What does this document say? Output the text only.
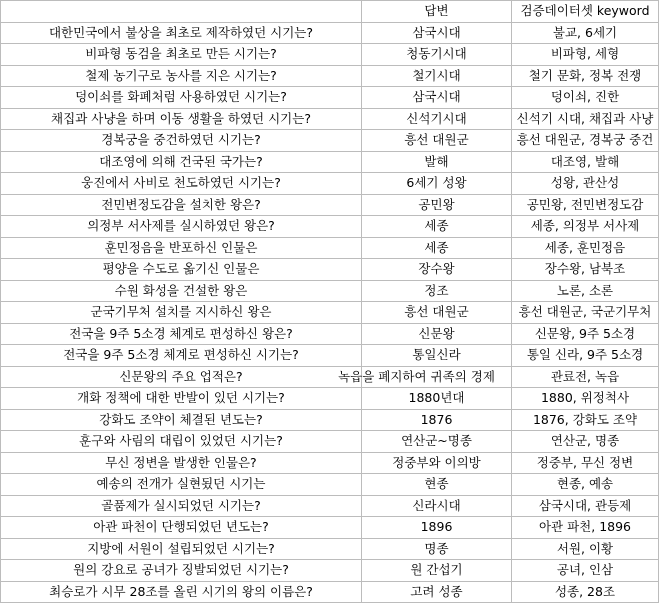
	답변	검증데이터셋 keyword
대한민국에서 불상을 최초로 제작하였던 시기는?	삼국시대	불교, 6세기
비파형 동검을 최초로 만든 시기는?	청동기시대	비파형, 세형
철제 농기구로 농사를 지은 시기는?	철기시대	철기 문화, 정복 전쟁
덩이쇠를 화폐처럼 사용하였던 시기는?	삼국시대	덩이쇠, 진한
채집과 사냥을 하며 이동 생활을 하였던 시기는?	신석기시대	신석기 시대, 채집과 사냥
경복궁을 중건하였던 시기는?	흥선 대원군	흥선 대원군, 경복궁 중건
대조영에 의해 건국된 국가는?	발해	대조영, 발해
웅진에서 사비로 천도하였던 시기는?	6세기 성왕	성왕, 관산성
전민변정도감을 설치한 왕은?	공민왕	공민왕, 전민변정도감
의정부 서사제를 실시하였던 왕은?	세종	세종, 의정부 서사제
훈민정음을 반포하신 인물은	세종	세종, 훈민정음
평양을 수도로 옮기신 인물은	장수왕	장수왕, 남북조
수원 화성을 건설한 왕은	정조	노론, 소론
군국기무처 설치를 지시하신 왕은	흥선 대원군	흥선 대원군, 국군기무처
전국을 9주 5소경 체계로 편성하신 왕은?	신문왕	신문왕, 9주 5소경
전국을 9주 5소경 체계로 편성하신 시기는?	통일신라	통일 신라, 9주 5소경
신문왕의 주요 업적은?	녹읍을 폐지하여 귀족의 경제	관료전, 녹읍
개화 정책에 대한 반발이 있던 시기는?	1880년대	1880, 위정척사
강화도 조약이 체결된 년도는?	1876	1876, 강화도 조약
훈구와 사림의 대립이 있었던 시기는?	연산군~명종	연산군, 명종
무신 정변을 발생한 인물은?	정중부와 이의방	정중부, 무신 정변
예송의 전개가 실현됬던 시기는	현종	현종, 예송
골품제가 실시되었던 시기는?	신라시대	삼국시대, 관등제
아관 파천이 단행되었던 년도는?	1896	아관 파천, 1896
지방에 서원이 설립되었던 시기는?	명종	서원, 이황
원의 강요로 공녀가 징발되었던 시기는?	원 간섭기	공녀, 인삼
최승로가 시무 28조를 올린 시기의 왕의 이름은?	고려 성종	성종, 28조
